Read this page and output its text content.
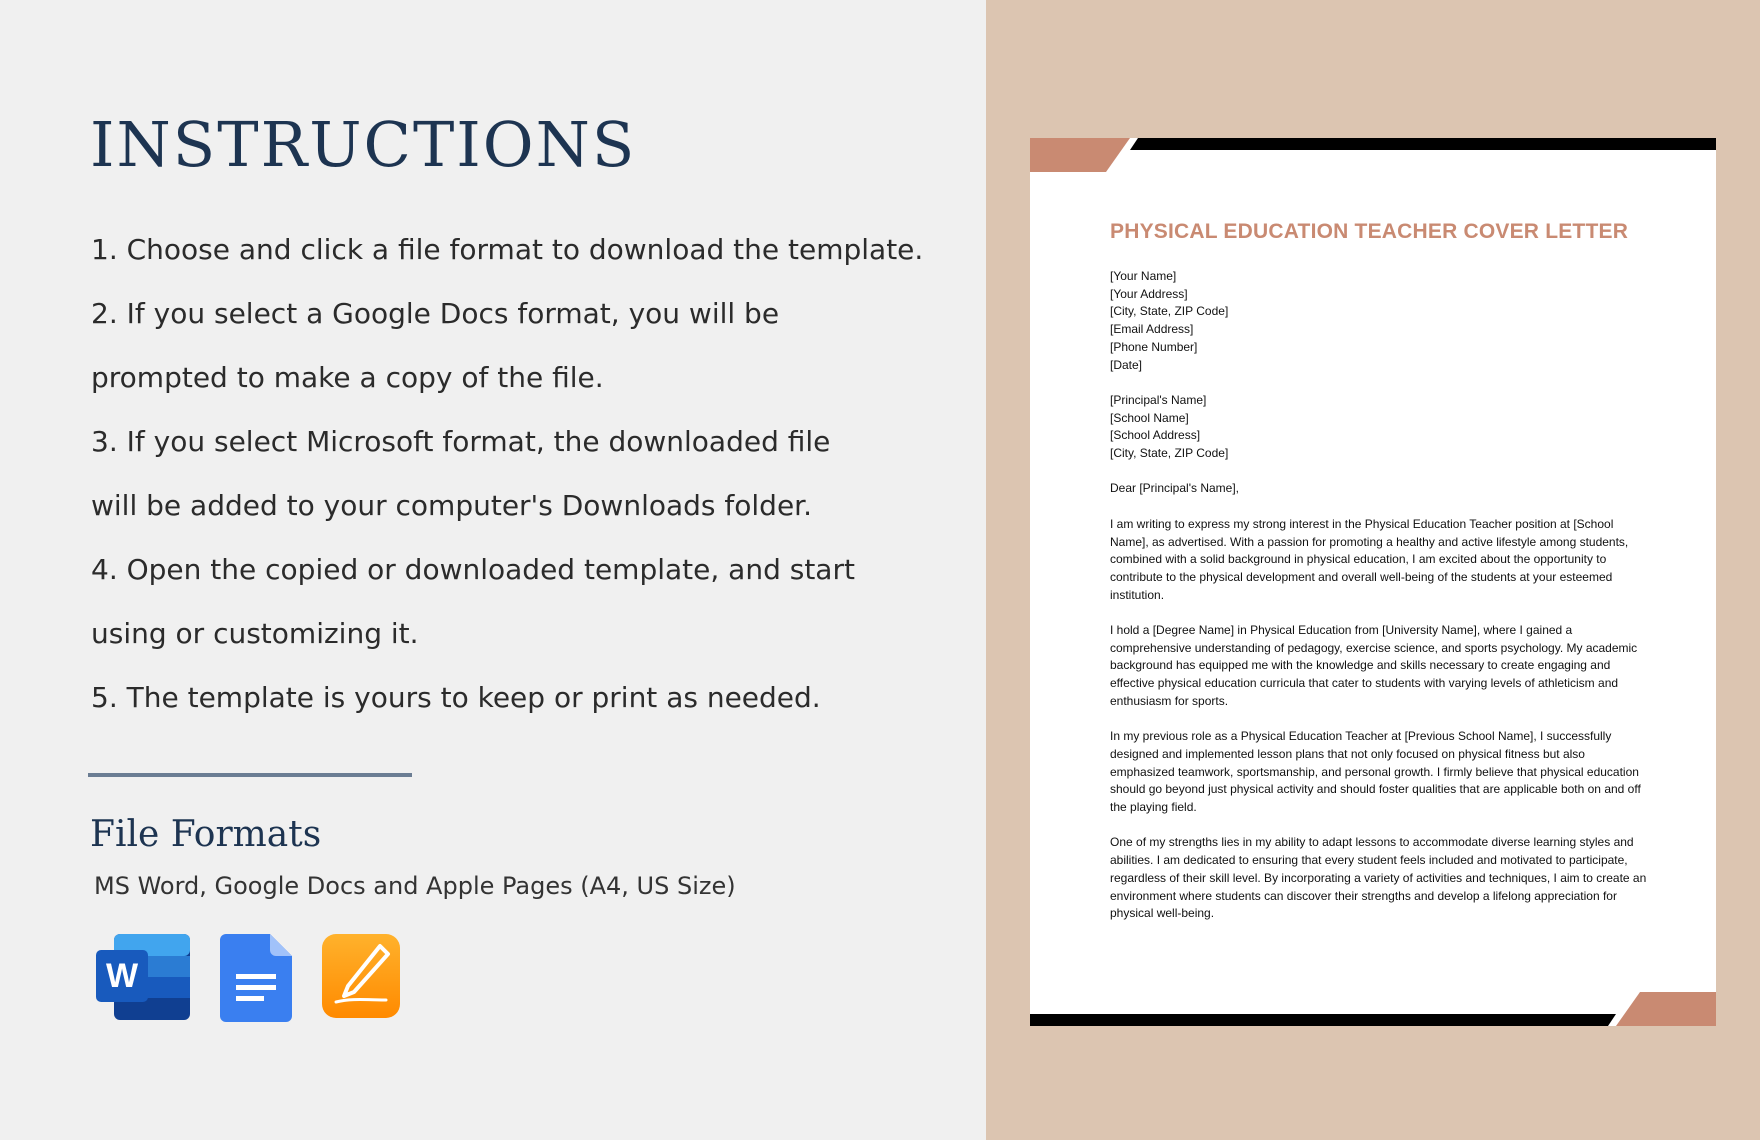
INSTRUCTIONS
1. Choose and click a file format to download the template.
2. If you select a Google Docs format, you will be
prompted to make a copy of the file.
3. If you select Microsoft format, the downloaded file
will be added to your computer's Downloads folder.
4. Open the copied or downloaded template, and start
using or customizing it.
5. The template is yours to keep or print as needed.
File Formats
MS Word, Google Docs and Apple Pages (A4, US Size)
W
PHYSICAL EDUCATION TEACHER COVER LETTER
[Your Name]
[Your Address]
[City, State, ZIP Code]
[Email Address]
[Phone Number]
[Date]
[Principal's Name]
[School Name]
[School Address]
[City, State, ZIP Code]

Dear [Principal's Name],

I am writing to express my strong interest in the Physical Education Teacher position at [School Name], as advertised. With a passion for promoting a healthy and active lifestyle among students, combined with a solid background in physical education, I am excited about the opportunity to contribute to the physical development and overall well-being of the students at your esteemed institution.

I hold a [Degree Name] in Physical Education from [University Name], where I gained a comprehensive understanding of pedagogy, exercise science, and sports psychology. My academic background has equipped me with the knowledge and skills necessary to create engaging and effective physical education curricula that cater to students with varying levels of athleticism and enthusiasm for sports.

In my previous role as a Physical Education Teacher at [Previous School Name], I successfully designed and implemented lesson plans that not only focused on physical fitness but also emphasized teamwork, sportsmanship, and personal growth. I firmly believe that physical education should go beyond just physical activity and should foster qualities that are applicable both on and off the playing field.

One of my strengths lies in my ability to adapt lessons to accommodate diverse learning styles and abilities. I am dedicated to ensuring that every student feels included and motivated to participate, regardless of their skill level. By incorporating a variety of activities and techniques, I aim to create an environment where students can discover their strengths and develop a lifelong appreciation for physical well-being.
